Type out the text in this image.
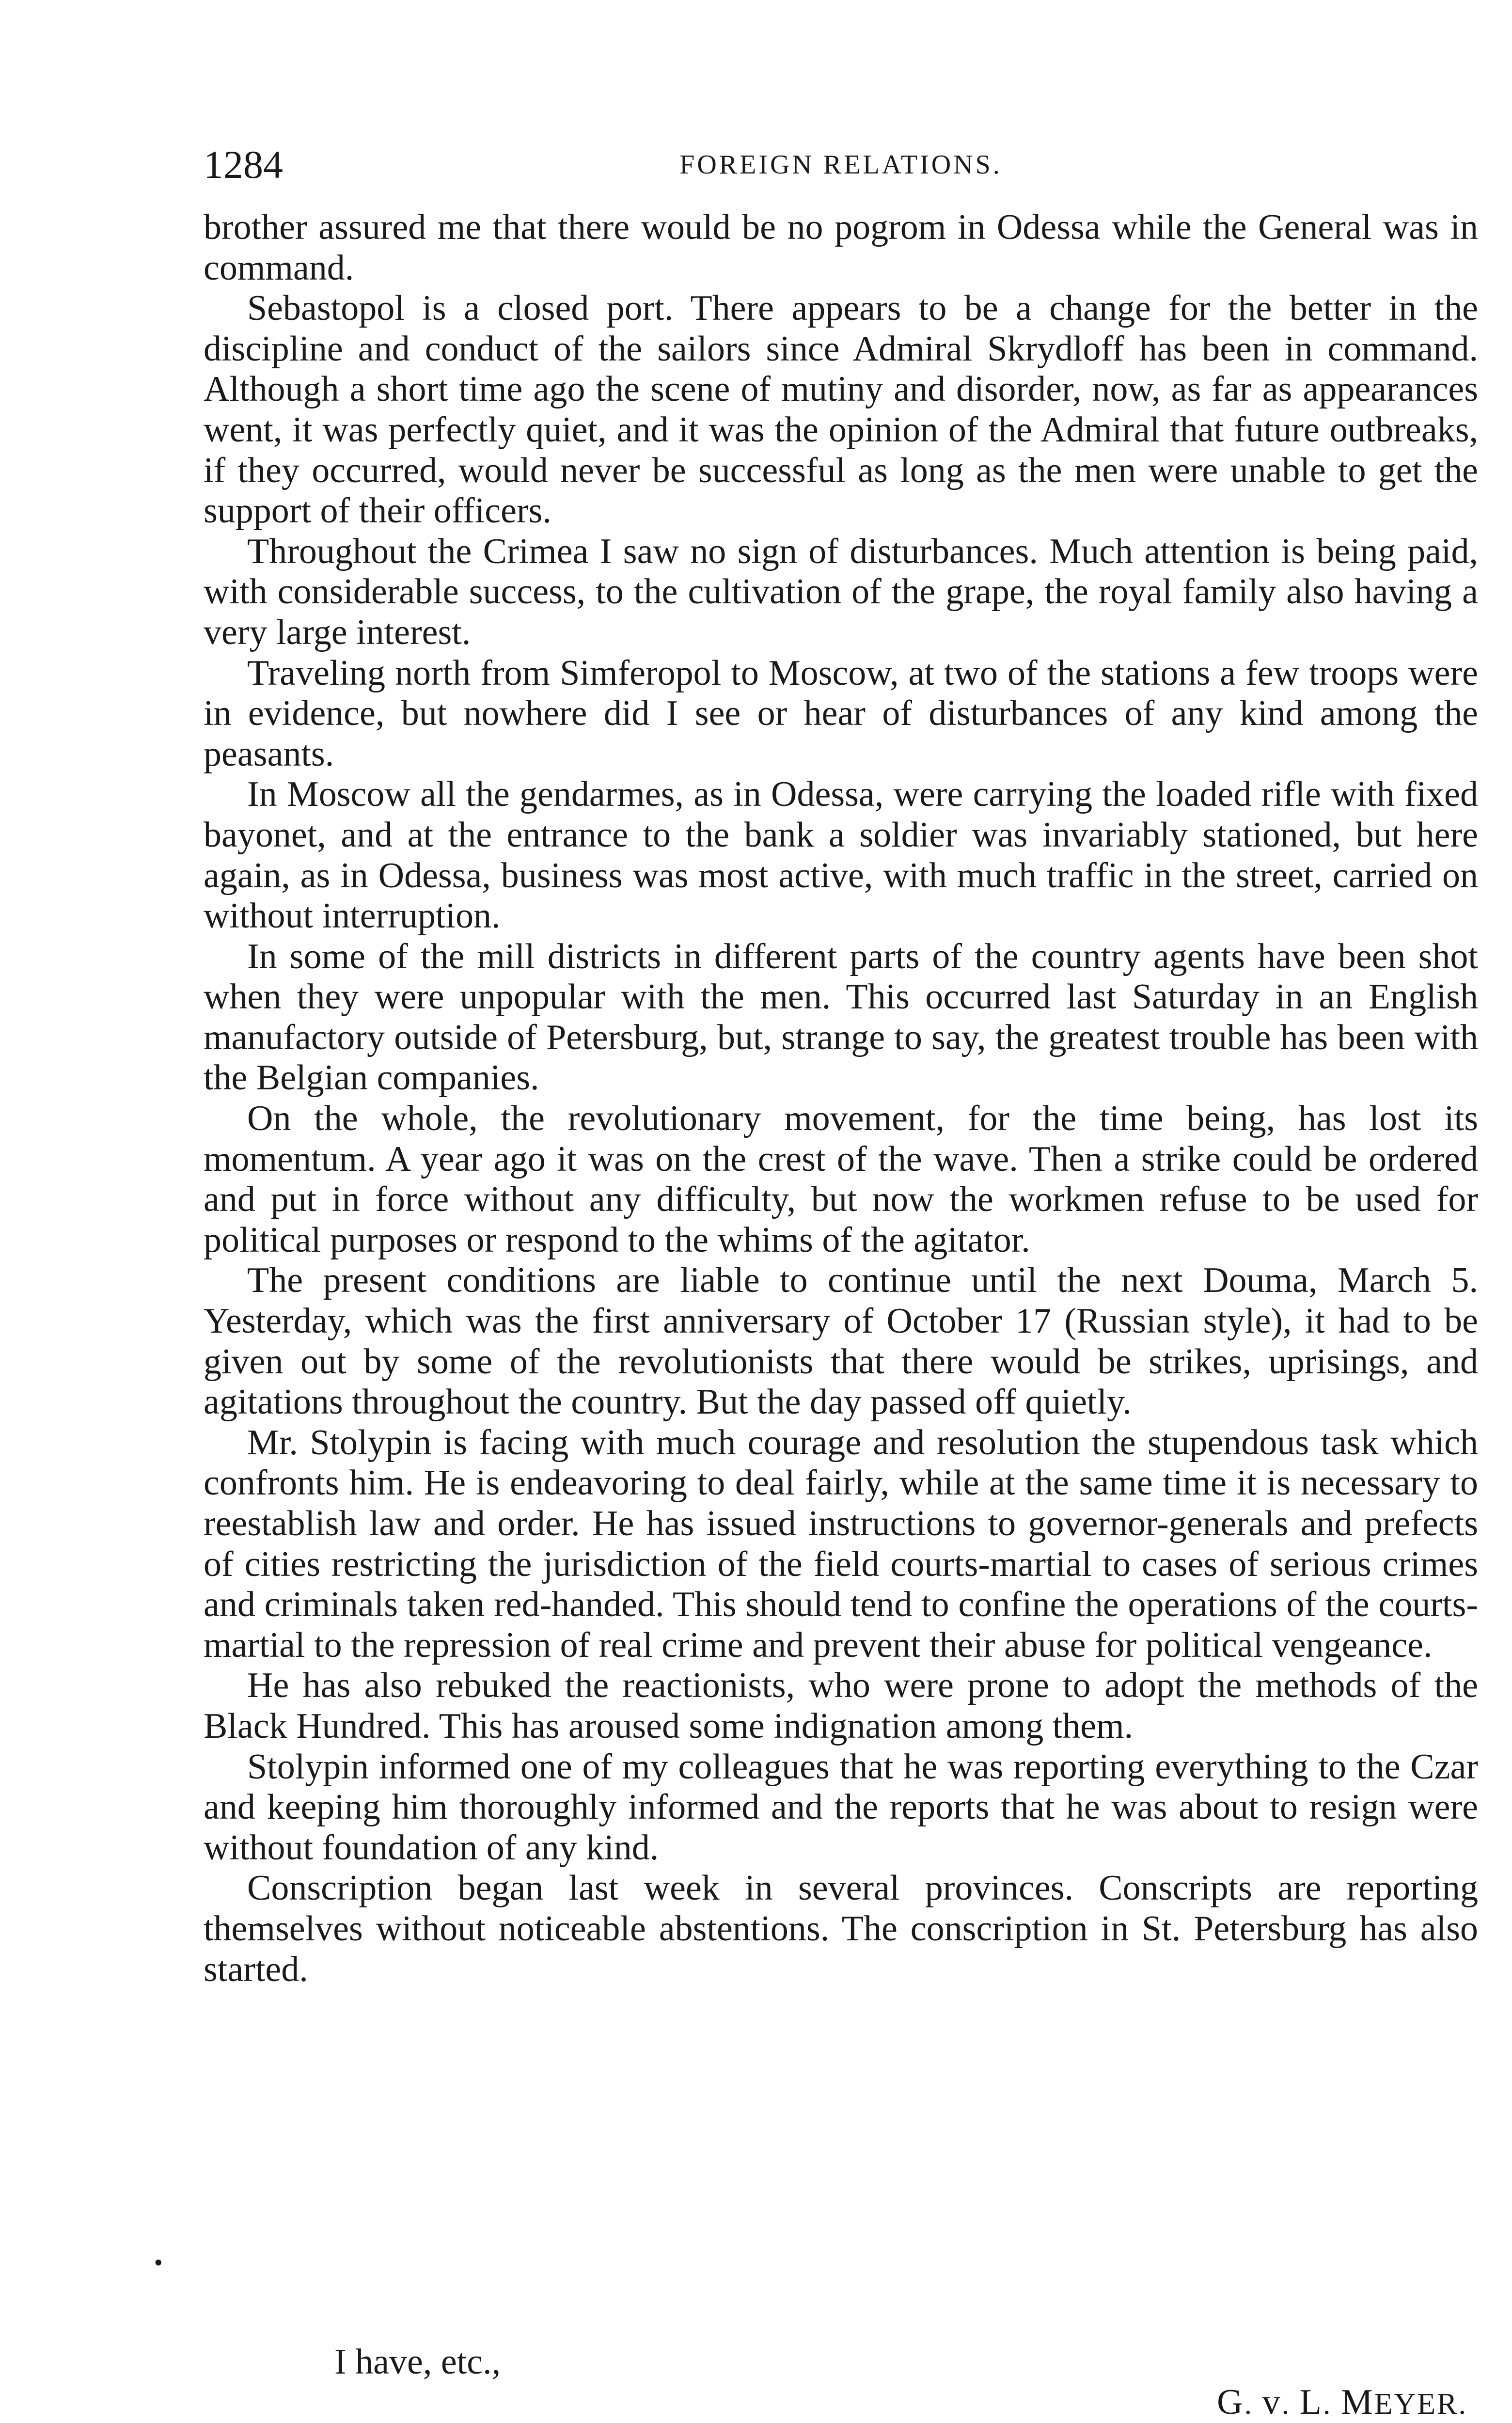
1284	FOREIGN RELATIONS.

brother assured me that there would be no pogrom in Odessa while the General was in command.

Sebastopol is a closed port. There appears to be a change for the better in the discipline and conduct of the sailors since Admiral Skrydloff has been in command. Although a short time ago the scene of mutiny and disorder, now, as far as appearances went, it was perfectly quiet, and it was the opinion of the Admiral that future outbreaks, if they occurred, would never be successful as long as the men were unable to get the support of their officers.

Throughout the Crimea I saw no sign of disturbances. Much attention is being paid, with considerable success, to the cultivation of the grape, the royal family also having a very large interest.

Traveling north from Simferopol to Moscow, at two of the stations a few troops were in evidence, but nowhere did I see or hear of disturbances of any kind among the peasants.

In Moscow all the gendarmes, as in Odessa, were carrying the loaded rifle with fixed bayonet, and at the entrance to the bank a soldier was invariably stationed, but here again, as in Odessa, business was most active, with much traffic in the street, carried on without interruption.

In some of the mill districts in different parts of the country agents have been shot when they were unpopular with the men. This occurred last Saturday in an English manufactory outside of Petersburg, but, strange to say, the greatest trouble has been with the Belgian companies.

On the whole, the revolutionary movement, for the time being, has lost its momentum. A year ago it was on the crest of the wave. Then a strike could be ordered and put in force without any difficulty, but now the workmen refuse to be used for political purposes or respond to the whims of the agitator.

The present conditions are liable to continue until the next Douma, March 5. Yesterday, which was the first anniversary of October 17 (Russian style), it had to be given out by some of the revolutionists that there would be strikes, uprisings, and agitations throughout the country. But the day passed off quietly.

Mr. Stolypin is facing with much courage and resolution the stupendous task which confronts him. He is endeavoring to deal fairly, while at the same time it is necessary to reestablish law and order. He has issued instructions to governor-generals and prefects of cities restricting the jurisdiction of the field courts-martial to cases of serious crimes and criminals taken red-handed. This should tend to confine the operations of the courts-martial to the repression of real crime and prevent their abuse for political vengeance.

He has also rebuked the reactionists, who were prone to adopt the methods of the Black Hundred. This has aroused some indignation among them.

Stolypin informed one of my colleagues that he was reporting everything to the Czar and keeping him thoroughly informed and the reports that he was about to resign were without foundation of any kind.

Conscription began last week in several provinces. Conscripts are reporting themselves without noticeable abstentions. The conscription in St. Petersburg has also started.

•
I have, etc.,
G. v. L. MEYER.
